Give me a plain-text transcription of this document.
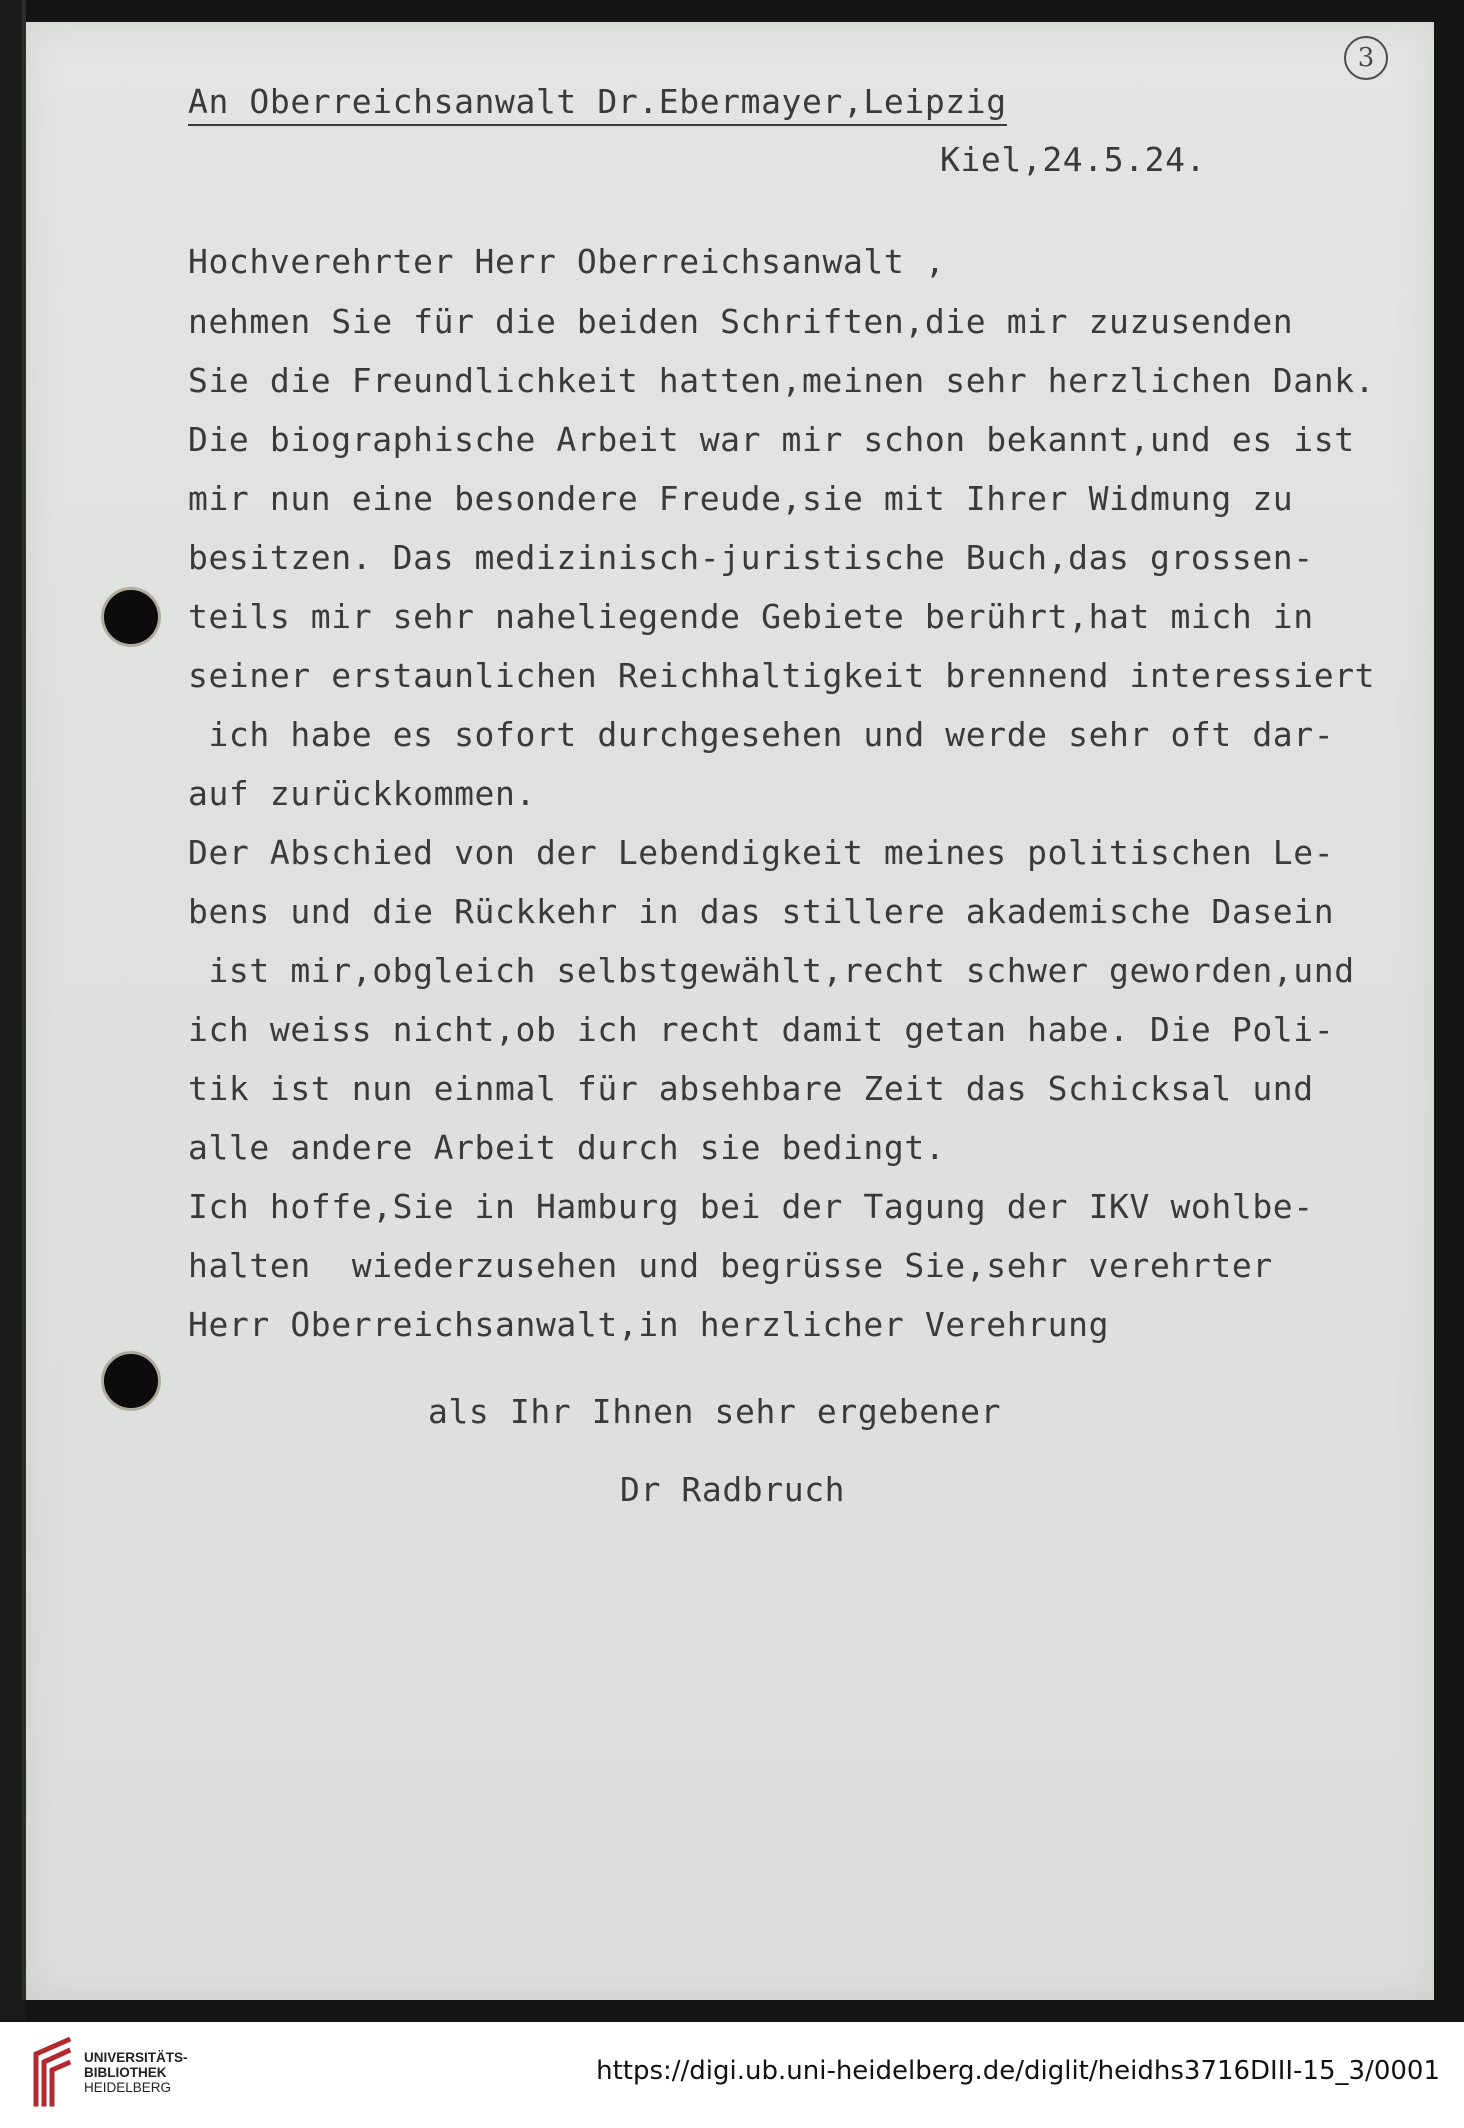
3
An Oberreichsanwalt Dr.Ebermayer,Leipzig
Kiel,24.5.24.
Hochverehrter Herr Oberreichsanwalt ,
nehmen Sie für die beiden Schriften,die mir zuzusenden
Sie die Freundlichkeit hatten,meinen sehr herzlichen Dank.
Die biographische Arbeit war mir schon bekannt,und es ist
mir nun eine besondere Freude,sie mit Ihrer Widmung zu
besitzen. Das medizinisch-juristische Buch,das grossen-
teils mir sehr naheliegende Gebiete berührt,hat mich in
seiner erstaunlichen Reichhaltigkeit brennend interessiert
ich habe es sofort durchgesehen und werde sehr oft dar-
auf zurückkommen.
Der Abschied von der Lebendigkeit meines politischen Le-
bens und die Rückkehr in das stillere akademische Dasein
ist mir,obgleich selbstgewählt,recht schwer geworden,und
ich weiss nicht,ob ich recht damit getan habe. Die Poli-
tik ist nun einmal für absehbare Zeit das Schicksal und
alle andere Arbeit durch sie bedingt.
Ich hoffe,Sie in Hamburg bei der Tagung der IKV wohlbe-
halten  wiederzusehen und begrüsse Sie,sehr verehrter
Herr Oberreichsanwalt,in herzlicher Verehrung
als Ihr Ihnen sehr ergebener
Dr Radbruch
UNIVERSITÄTS-
BIBLIOTHEK
HEIDELBERG
https://digi.ub.uni-heidelberg.de/diglit/heidhs3716DIII-15_3/0001
